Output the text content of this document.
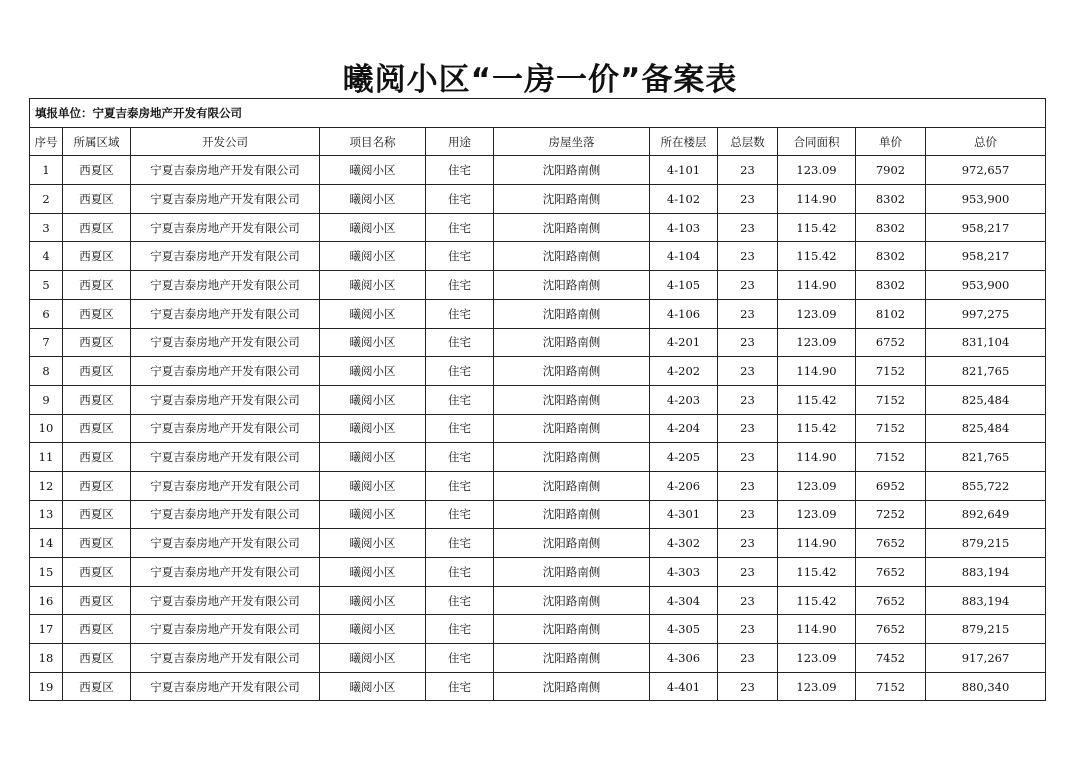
曦阅小区“一房一价”备案表
填报单位：宁夏吉泰房地产开发有限公司										
序号	所属区域	开发公司	项目名称	用途	房屋坐落	所在楼层	总层数	合同面积	单价	总价
1	西夏区	宁夏吉泰房地产开发有限公司	曦阅小区	住宅	沈阳路南侧	4-101	23	123.09	7902	972,657
2	西夏区	宁夏吉泰房地产开发有限公司	曦阅小区	住宅	沈阳路南侧	4-102	23	114.90	8302	953,900
3	西夏区	宁夏吉泰房地产开发有限公司	曦阅小区	住宅	沈阳路南侧	4-103	23	115.42	8302	958,217
4	西夏区	宁夏吉泰房地产开发有限公司	曦阅小区	住宅	沈阳路南侧	4-104	23	115.42	8302	958,217
5	西夏区	宁夏吉泰房地产开发有限公司	曦阅小区	住宅	沈阳路南侧	4-105	23	114.90	8302	953,900
6	西夏区	宁夏吉泰房地产开发有限公司	曦阅小区	住宅	沈阳路南侧	4-106	23	123.09	8102	997,275
7	西夏区	宁夏吉泰房地产开发有限公司	曦阅小区	住宅	沈阳路南侧	4-201	23	123.09	6752	831,104
8	西夏区	宁夏吉泰房地产开发有限公司	曦阅小区	住宅	沈阳路南侧	4-202	23	114.90	7152	821,765
9	西夏区	宁夏吉泰房地产开发有限公司	曦阅小区	住宅	沈阳路南侧	4-203	23	115.42	7152	825,484
10	西夏区	宁夏吉泰房地产开发有限公司	曦阅小区	住宅	沈阳路南侧	4-204	23	115.42	7152	825,484
11	西夏区	宁夏吉泰房地产开发有限公司	曦阅小区	住宅	沈阳路南侧	4-205	23	114.90	7152	821,765
12	西夏区	宁夏吉泰房地产开发有限公司	曦阅小区	住宅	沈阳路南侧	4-206	23	123.09	6952	855,722
13	西夏区	宁夏吉泰房地产开发有限公司	曦阅小区	住宅	沈阳路南侧	4-301	23	123.09	7252	892,649
14	西夏区	宁夏吉泰房地产开发有限公司	曦阅小区	住宅	沈阳路南侧	4-302	23	114.90	7652	879,215
15	西夏区	宁夏吉泰房地产开发有限公司	曦阅小区	住宅	沈阳路南侧	4-303	23	115.42	7652	883,194
16	西夏区	宁夏吉泰房地产开发有限公司	曦阅小区	住宅	沈阳路南侧	4-304	23	115.42	7652	883,194
17	西夏区	宁夏吉泰房地产开发有限公司	曦阅小区	住宅	沈阳路南侧	4-305	23	114.90	7652	879,215
18	西夏区	宁夏吉泰房地产开发有限公司	曦阅小区	住宅	沈阳路南侧	4-306	23	123.09	7452	917,267
19	西夏区	宁夏吉泰房地产开发有限公司	曦阅小区	住宅	沈阳路南侧	4-401	23	123.09	7152	880,340
